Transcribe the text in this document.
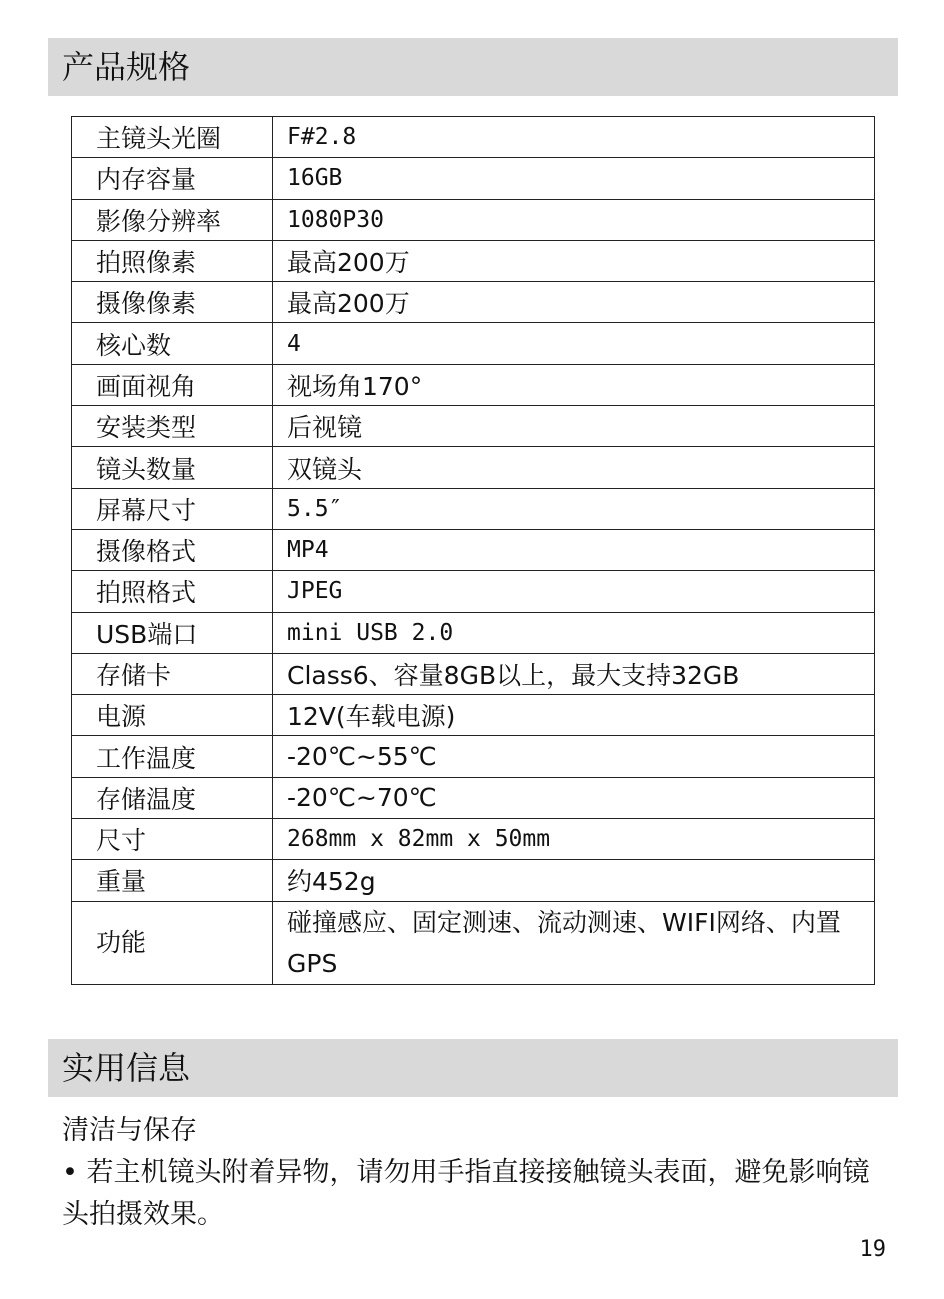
产品规格
主镜头光圈	F#2.8
内存容量	16GB
影像分辨率	1080P30
拍照像素	最高200万
摄像像素	最高200万
核心数	4
画面视角	视场角170°
安装类型	后视镜
镜头数量	双镜头
屏幕尺寸	5.5″
摄像格式	MP4
拍照格式	JPEG
USB端口	mini USB 2.0
存储卡	Class6、容量8GB以上，最大支持32GB
电源	12V(车载电源)
工作温度	-20℃~55℃
存储温度	-20℃~70℃
尺寸	268mm x 82mm x 50mm
重量	约452g
功能	碰撞感应、固定测速、流动测速、WIFI网络、内置GPS
实用信息
清洁与保存
• 若主机镜头附着异物，请勿用手指直接接触镜头表面，避免影响镜头拍摄效果。
19
